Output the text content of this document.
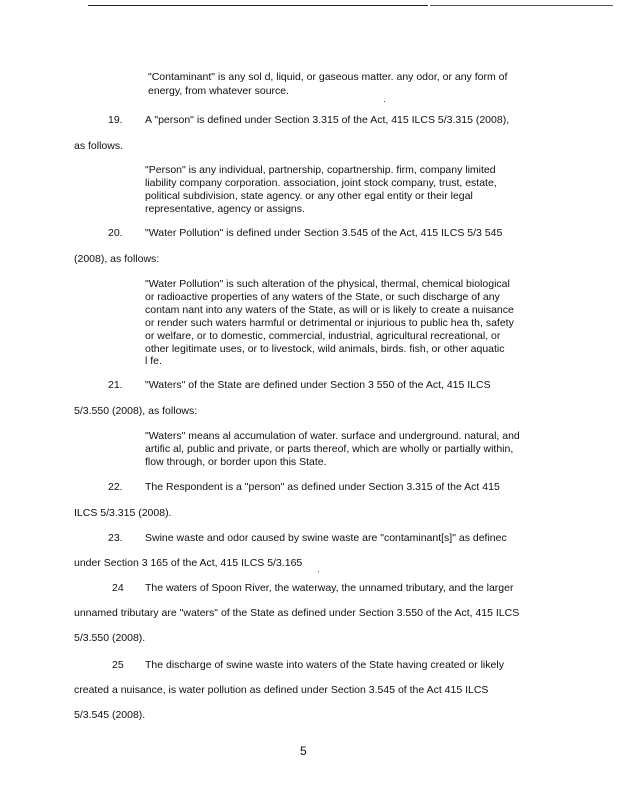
"Contaminant" is any sol d, liquid, or gaseous matter. any odor, or any form of

energy, from whatever source.

19. A "person" is defined under Section 3.315 of the Act, 415 ILCS 5/3.315 (2008),

as follows.

"Person" is any individual, partnership, copartnership. firm, company limited

liability company corporation. association, joint stock company, trust, estate,

political subdivision, state agency. or any other egal entity or their legal

representative, agency or assigns.

20. "Water Pollution" is defined under Section 3.545 of the Act, 415 ILCS 5/3 545

(2008), as follows:

"Water Pollution" is such alteration of the physical, thermal, chemical biological

or radioactive properties of any waters of the State, or such discharge of any

contam nant into any waters of the State, as will or is likely to create a nuisance

or render such waters harmful or detrimental or injurious to public hea th, safety

or welfare, or to domestic, commercial, industrial, agricultural recreational, or

other legitimate uses, or to livestock, wild animals, birds. fish, or other aquatic

l fe.

21. "Waters" of the State are defined under Section 3 550 of the Act, 415 ILCS

5/3.550 (2008), as follows:

"Waters" means al accumulation of water. surface and underground. natural, and

artific al, public and private, or parts thereof, which are wholly or partially within,

flow through, or border upon this State.

22. The Respondent is a "person" as defined under Section 3.315 of the Act 415

ILCS 5/3.315 (2008).

23. Swine waste and odor caused by swine waste are "contaminant[s]" as definec

under Section 3 165 of the Act, 415 ILCS 5/3.165

24 The waters of Spoon River, the waterway, the unnamed tributary, and the larger

unnamed tributary are "waters" of the State as defined under Section 3.550 of the Act, 415 ILCS

5/3.550 (2008).

25 The discharge of swine waste into waters of the State having created or likely

created a nuisance, is water pollution as defined under Section 3.545 of the Act 415 ILCS

5/3.545 (2008).

5
